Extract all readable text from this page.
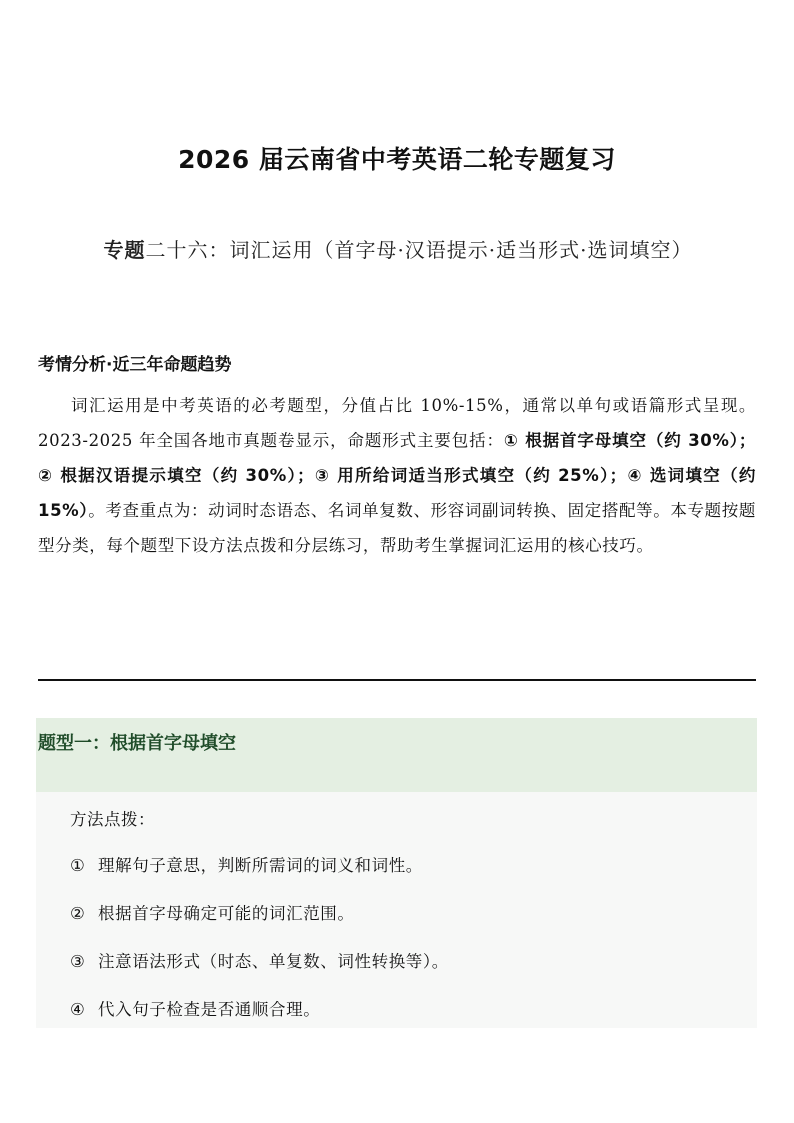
2026 届云南省中考英语二轮专题复习
专题二十六：词汇运用（首字母·汉语提示·适当形式·选词填空）
考情分析·近三年命题趋势
词汇运用是中考英语的必考题型，分值占比 10%-15%，通常以单句或语篇形式呈现。2023-2025 年全国各地市真题卷显示，命题形式主要包括：① 根据首字母填空（约 30%）；② 根据汉语提示填空（约 30%）；③ 用所给词适当形式填空（约 25%）；④ 选词填空（约 15%）。考查重点为：动词时态语态、名词单复数、形容词副词转换、固定搭配等。本专题按题型分类，每个题型下设方法点拨和分层练习，帮助考生掌握词汇运用的核心技巧。
题型一：根据首字母填空
方法点拨：
① 理解句子意思，判断所需词的词义和词性。
② 根据首字母确定可能的词汇范围。
③ 注意语法形式（时态、单复数、词性转换等）。
④ 代入句子检查是否通顺合理。
